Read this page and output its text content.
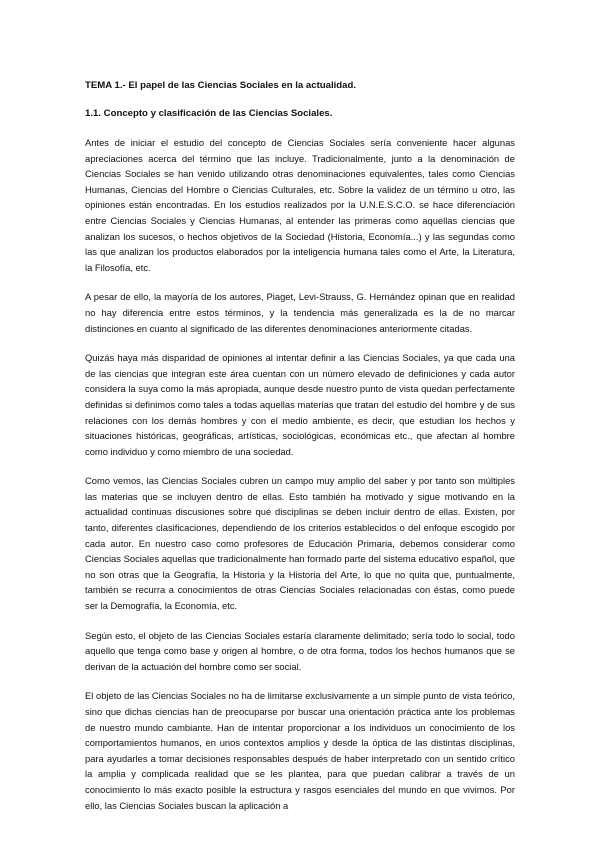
TEMA 1.- El papel de las Ciencias Sociales en la actualidad.

1.1. Concepto y clasificación de las Ciencias Sociales.

Antes de iniciar el estudio del concepto de Ciencias Sociales sería conveniente hacer algunas apreciaciones acerca del término que las incluye. Tradicionalmente, junto a la denominación de Ciencias Sociales se han venido utilizando otras denominaciones equivalentes, tales como Ciencias Humanas, Ciencias del Hombre o Ciencias Culturales, etc. Sobre la validez de un término u otro, las opiniones están encontradas. En los estudios realizados por la U.N.E.S.C.O. se hace diferenciación entre Ciencias Sociales y Ciencias Humanas, al entender las primeras como aquellas ciencias que analizan los sucesos, o hechos objetivos de la Sociedad (Historia, Economía...) y las segundas como las que analizan los productos elaborados por la inteligencia humana tales como el Arte, la Literatura, la Filosofía, etc.

A pesar de ello, la mayoría de los autores, Piaget, Levi-Strauss, G. Hernández opinan que en realidad no hay diferencia entre estos términos, y la tendencia más generalizada es la de no marcar distinciones en cuanto al significado de las diferentes denominaciones anteriormente citadas.

Quizás haya más disparidad de opiniones al intentar definir a las Ciencias Sociales, ya que cada una de las ciencias que integran este área cuentan con un número elevado de definiciones y cada autor considera la suya como la más apropiada, aunque desde nuestro punto de vista quedan perfectamente definidas si definimos como tales a todas aquellas materias que tratan del estudio del hombre y de sus relaciones con los demás hombres y con el medio ambiente, es decir, que estudian los hechos y situaciones históricas, geográficas, artísticas, sociológicas, económicas etc., que afectan al hombre como individuo y como miembro de una sociedad.

Como vemos, las Ciencias Sociales cubren un campo muy amplio del saber y por tanto son múltiples las materias que se incluyen dentro de ellas. Esto también ha motivado y sigue motivando en la actualidad continuas discusiones sobre qué disciplinas se deben incluir dentro de ellas. Existen, por tanto, diferentes clasificaciones, dependiendo de los criterios establecidos o del enfoque escogido por cada autor. En nuestro caso como profesores de Educación Primaria, debemos considerar como Ciencias Sociales aquellas que tradicionalmente han formado parte del sistema educativo español, que no son otras que la Geografía, la Historia y la Historia del Arte, lo que no quita que, puntualmente, también se recurra a conocimientos de otras Ciencias Sociales relacionadas con éstas, como puede ser la Demografía, la Economía, etc.

Según esto, el objeto de las Ciencias Sociales estaría claramente delimitado; sería todo lo social, todo aquello que tenga como base y origen al hombre, o de otra forma, todos los hechos humanos que se derivan de la actuación del hombre como ser social.

El objeto de las Ciencias Sociales no ha de limitarse exclusivamente a un simple punto de vista teórico, sino que dichas ciencias han de preocuparse por buscar una orientación práctica ante los problemas de nuestro mundo cambiante. Han de intentar proporcionar a los individuos un conocimiento de los comportamientos humanos, en unos contextos amplios y desde la óptica de las distintas disciplinas, para ayudarles a tomar decisiones responsables después de haber interpretado con un sentido crítico la amplia y complicada realidad que se les plantea, para que puedan calibrar a través de un conocimiento lo más exacto posible la estructura y rasgos esenciales del mundo en que vivimos. Por ello, las Ciencias Sociales buscan la aplicación a
